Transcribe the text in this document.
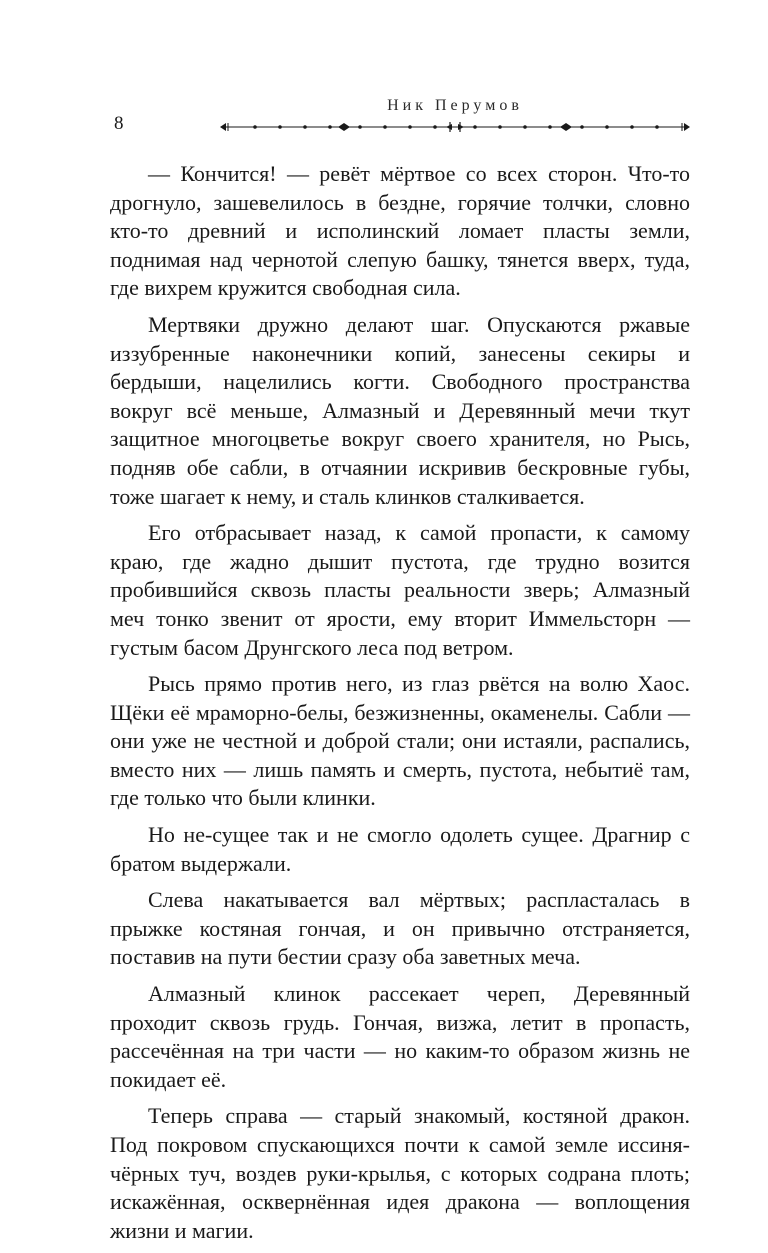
8
Ник Перумов

— Кончится! — ревёт мёртвое со всех сторон. Что-то дрогнуло, зашевелилось в бездне, горячие толчки, словно кто-то древний и исполинский ломает пласты земли, поднимая над чернотой слепую башку, тянется вверх, туда, где вихрем кружится свободная сила.

Мертвяки дружно делают шаг. Опускаются ржавые иззубренные наконечники копий, занесены секиры и бердыши, нацелились когти. Свободного пространства вокруг всё меньше, Алмазный и Деревянный мечи ткут защитное многоцветье вокруг своего хранителя, но Рысь, подняв обе сабли, в отчаянии искривив бескровные губы, тоже шагает к нему, и сталь клинков сталкивается.

Его отбрасывает назад, к самой пропасти, к самому краю, где жадно дышит пустота, где трудно возится пробившийся сквозь пласты реальности зверь; Алмазный меч тонко звенит от ярости, ему вторит Иммельсторн — густым басом Друнгского леса под ветром.

Рысь прямо против него, из глаз рвётся на волю Хаос. Щёки её мраморно-белы, безжизненны, окаменелы. Сабли — они уже не честной и доброй стали; они истаяли, распались, вместо них — лишь память и смерть, пустота, небытиё там, где только что были клинки.

Но не-сущее так и не смогло одолеть сущее. Драгнир с братом выдержали.

Слева накатывается вал мёртвых; распласталась в прыжке костяная гончая, и он привычно отстраняется, поставив на пути бестии сразу оба заветных меча.

Алмазный клинок рассекает череп, Деревянный проходит сквозь грудь. Гончая, визжа, летит в пропасть, рассечённая на три части — но каким-то образом жизнь не покидает её.

Теперь справа — старый знакомый, костяной дракон. Под покровом спускающихся почти к самой земле иссиня-чёрных туч, воздев руки-крылья, с которых содрана плоть; искажённая, осквернённая идея дракона — воплощения жизни и магии.
